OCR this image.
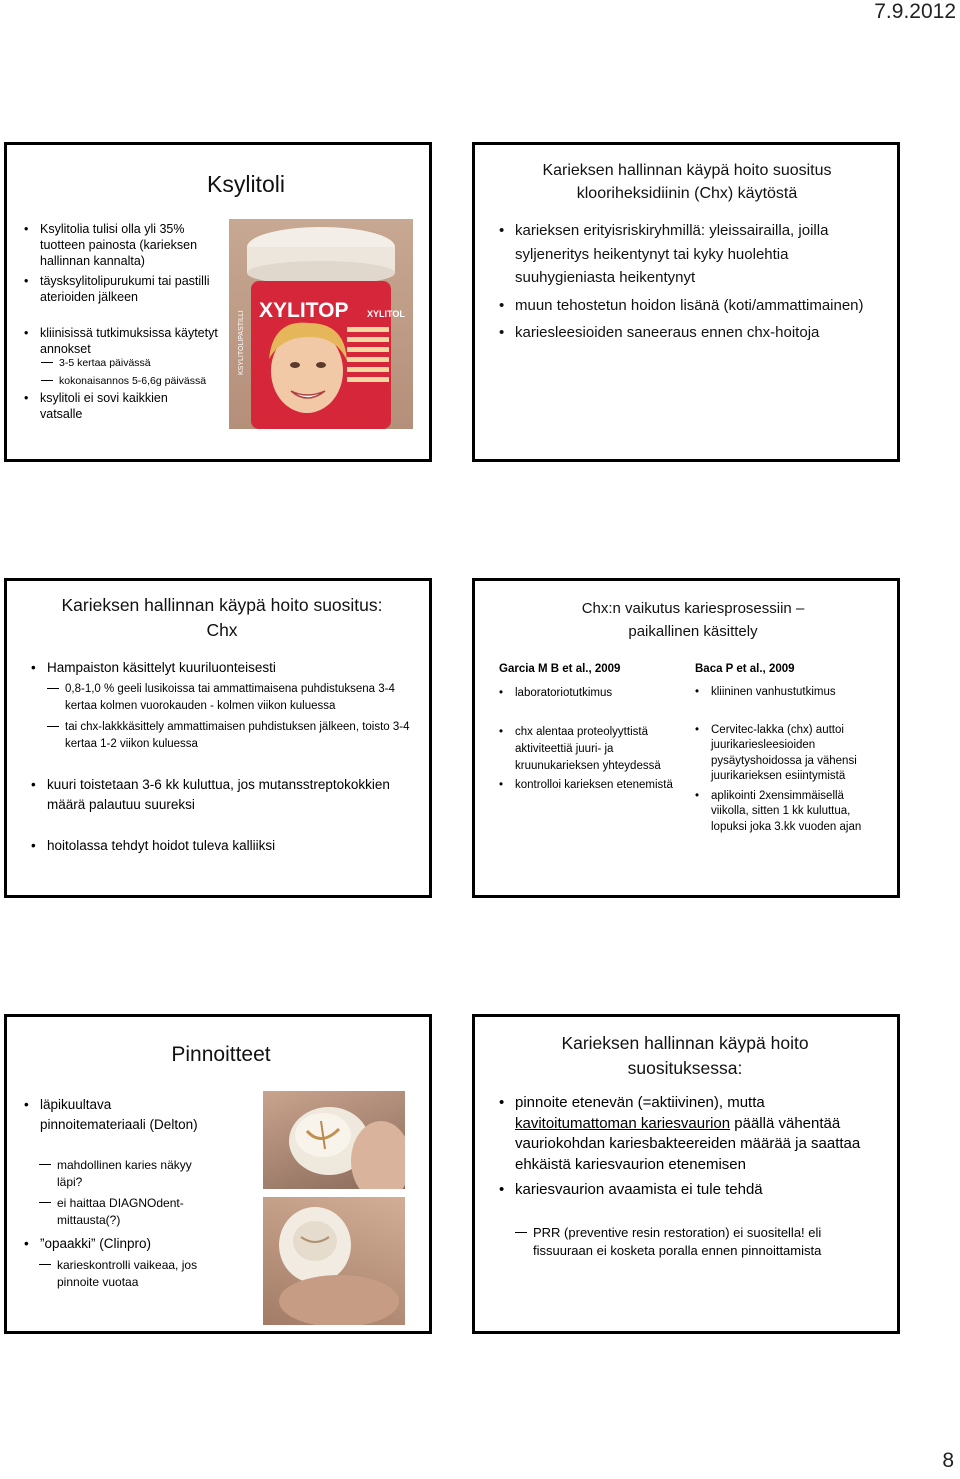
7.9.2012
Ksylitoli
• Ksylitolia tulisi olla yli 35% tuotteen painosta (karieksen hallinnan kannalta)
• täysksylitolipurukumi tai pastilli aterioiden jälkeen
• kliinisissä tutkimuksissa käytetyt annokset
3-5 kertaa päivässä
kokonaisannos 5-6,6g päivässä
• ksylitoli ei sovi kaikkien vatsalle
XYLITOP XYLITOL
KSYLITOLIPASTILLI
Karieksen hallinnan käypä hoito suositus klooriheksidiinin (Chx) käytöstä
• karieksen erityisriskiryhmillä: yleissairailla, joilla syljeneritys heikentynyt tai kyky huolehtia suuhygieniasta heikentynyt
• muun tehostetun hoidon lisänä (koti/ammattimainen)
• kariesleesioiden saneeraus ennen chx-hoitoja
Karieksen hallinnan käypä hoito suositus:
Chx
• Hampaiston käsittelyt kuuriluonteisesti
0,8-1,0 % geeli lusikoissa tai ammattimaisena puhdistuksena 3-4 kertaa kolmen vuorokauden - kolmen viikon kuluessa
tai chx-lakkkäsittely ammattimaisen puhdistuksen jälkeen, toisto 3-4 kertaa 1-2 viikon kuluessa
• kuuri toistetaan 3-6 kk kuluttua, jos mutansstreptokokkien määrä palautuu suureksi
• hoitolassa tehdyt hoidot tuleva kalliiksi
Chx:n vaikutus kariesprosessiin – paikallinen käsittely
Garcia M B et al., 2009
• laboratoriotutkimus
• chx alentaa proteolyyttistä aktiviteettiä juuri- ja kruunukarieksen yhteydessä
• kontrolloi karieksen etenemistä
Baca P et al., 2009
• kliininen vanhustutkimus
• Cervitec-lakka (chx) auttoi juurikariesleesioiden pysäytyshoidossa ja vähensi juurikarieksen esiintymistä
• aplikointi 2xensimmäisellä viikolla, sitten 1 kk kuluttua, lopuksi joka 3.kk vuoden ajan
Pinnoitteet
• läpikuultava pinnoitemateriaali (Delton)
mahdollinen karies näkyy läpi?
ei haittaa DIAGNOdent-mittausta(?)
• ”opaakki” (Clinpro)
karieskontrolli vaikeaa, jos pinnoite vuotaa
Karieksen hallinnan käypä hoito suosituksessa:
• pinnoite etenevän (=aktiivinen), mutta kavitoitumattoman kariesvaurion päällä vähentää vauriokohdan kariesbakteereiden määrää ja saattaa ehkäistä kariesvaurion etenemisen
• kariesvaurion avaamista ei tule tehdä
PRR (preventive resin restoration) ei suositella! eli fissuuraan ei kosketa poralla ennen pinnoittamista
8
